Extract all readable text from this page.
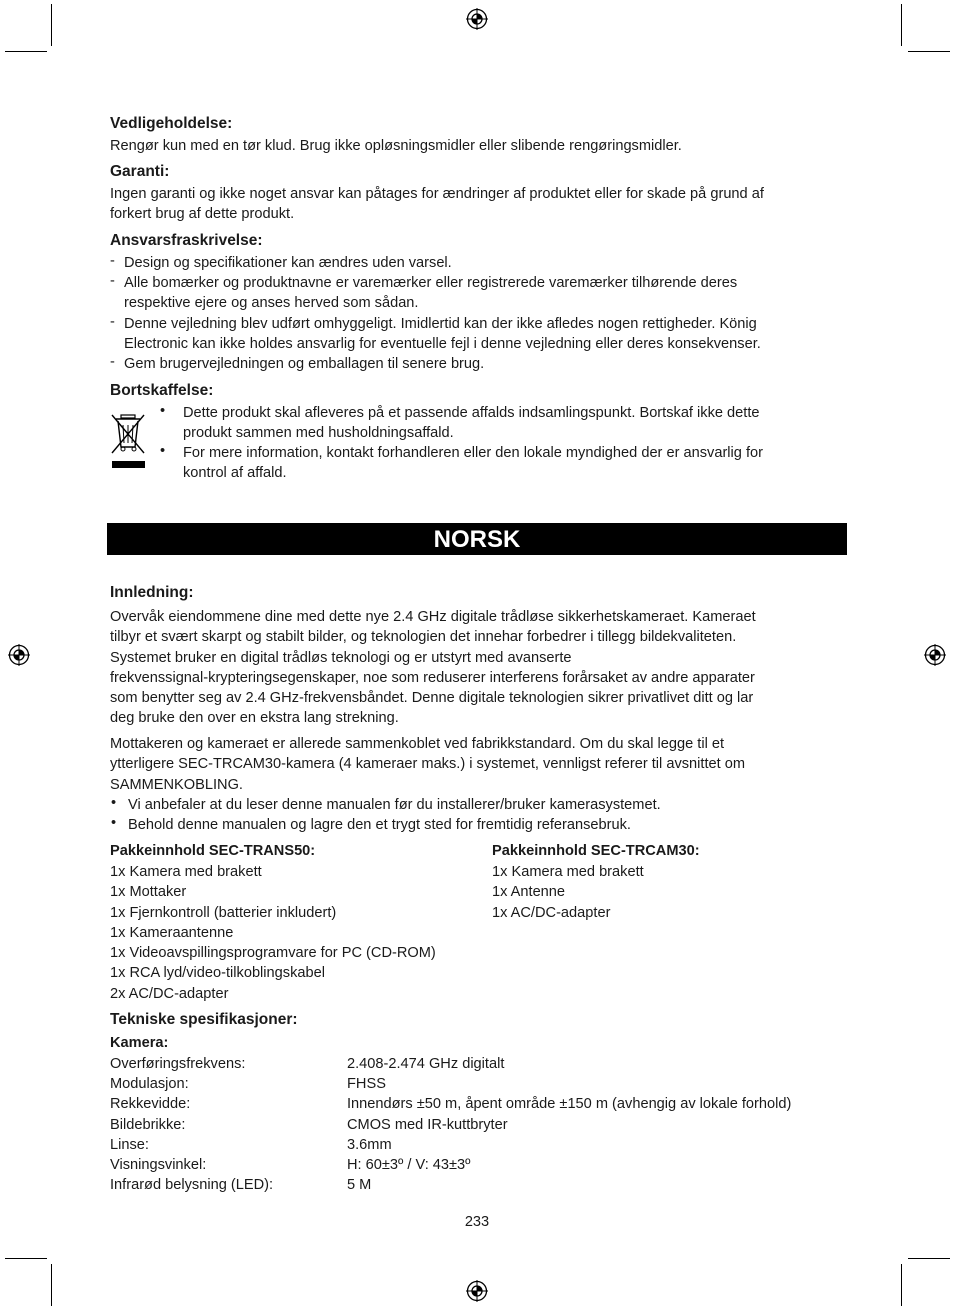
Vedligeholdelse:
Rengør kun med en tør klud. Brug ikke opløsningsmidler eller slibende rengøringsmidler.
Garanti:
Ingen garanti og ikke noget ansvar kan påtages for ændringer af produktet eller for skade på grund af
forkert brug af dette produkt.
Ansvarsfraskrivelse:
- Design og specifikationer kan ændres uden varsel.
- Alle bomærker og produktnavne er varemærker eller registrerede varemærker tilhørende deres
respektive ejere og anses herved som sådan.
- Denne vejledning blev udført omhyggeligt. Imidlertid kan der ikke afledes nogen rettigheder. König
Electronic kan ikke holdes ansvarlig for eventuelle fejl i denne vejledning eller deres konsekvenser.
- Gem brugervejledningen og emballagen til senere brug.
Bortskaffelse:
• Dette produkt skal afleveres på et passende affalds indsamlingspunkt. Bortskaf ikke dette
produkt sammen med husholdningsaffald.
• For mere information, kontakt forhandleren eller den lokale myndighed der er ansvarlig for
kontrol af affald.
NORSK
Innledning:
Overvåk eiendommene dine med dette nye 2.4 GHz digitale trådløse sikkerhetskameraet. Kameraet
tilbyr et svært skarpt og stabilt bilder, og teknologien det innehar forbedrer i tillegg bildekvaliteten.
Systemet bruker en digital trådløs teknologi og er utstyrt med avanserte
frekvenssignal-krypteringsegenskaper, noe som reduserer interferens forårsaket av andre apparater
som benytter seg av 2.4 GHz-frekvensbåndet. Denne digitale teknologien sikrer privatlivet ditt og lar
deg bruke den over en ekstra lang strekning.
Mottakeren og kameraet er allerede sammenkoblet ved fabrikkstandard. Om du skal legge til et
ytterligere SEC-TRCAM30-kamera (4 kameraer maks.) i systemet, vennligst referer til avsnittet om
SAMMENKOBLING.
• Vi anbefaler at du leser denne manualen før du installerer/bruker kamerasystemet.
• Behold denne manualen og lagre den et trygt sted for fremtidig referansebruk.
Pakkeinnhold SEC-TRANS50:
1x Kamera med brakett
1x Mottaker
1x Fjernkontroll (batterier inkludert)
1x Kameraantenne
1x Videoavspillingsprogramvare for PC (CD-ROM)
1x RCA lyd/video-tilkoblingskabel
2x AC/DC-adapter
Pakkeinnhold SEC-TRCAM30:
1x Kamera med brakett
1x Antenne
1x AC/DC-adapter
Tekniske spesifikasjoner:
Kamera:
Overføringsfrekvens:	2.408-2.474 GHz digitalt
Modulasjon:	FHSS
Rekkevidde:	Innendørs ±50 m, åpent område ±150 m (avhengig av lokale forhold)
Bildebrikke:	CMOS med IR-kuttbryter
Linse:	3.6mm
Visningsvinkel:	H: 60±3º / V: 43±3º
Infrarød belysning (LED):	5 M
233
